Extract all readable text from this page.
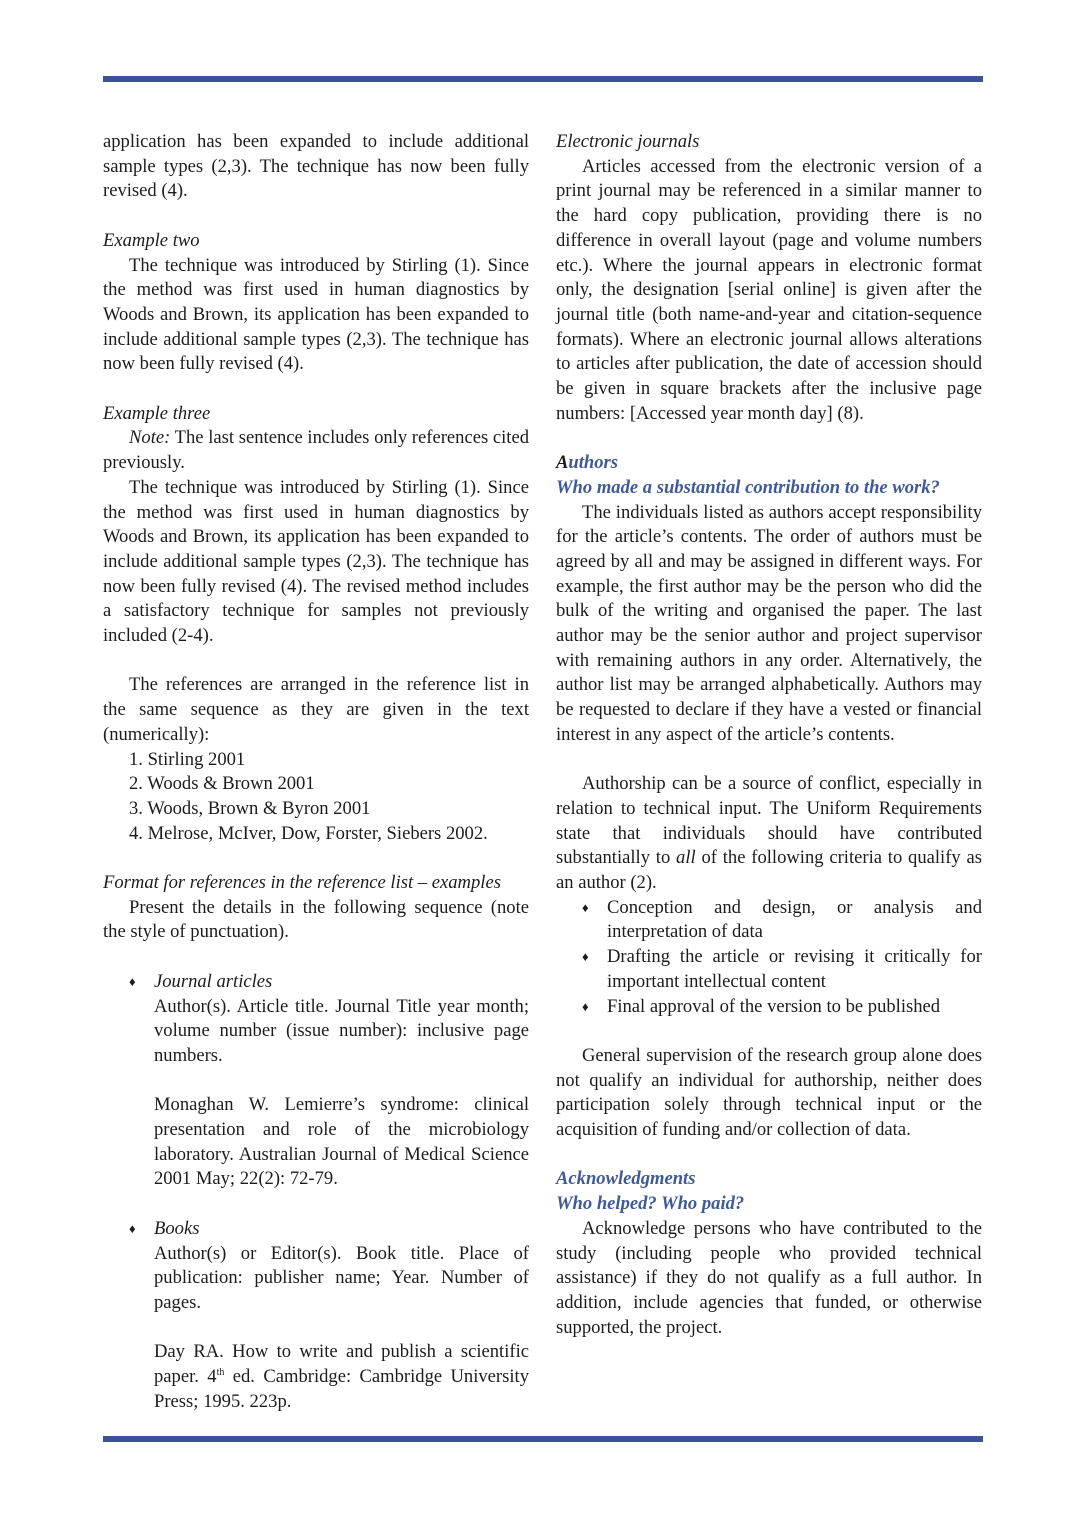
application has been expanded to include additional sample types (2,3). The technique has now been fully revised (4).

Example two

The technique was introduced by Stirling (1). Since the method was first used in human diagnostics by Woods and Brown, its application has been expanded to include additional sample types (2,3). The technique has now been fully revised (4).

Example three

Note: The last sentence includes only references cited previously.

The technique was introduced by Stirling (1). Since the method was first used in human diagnostics by Woods and Brown, its application has been expanded to include additional sample types (2,3). The technique has now been fully revised (4). The revised method includes a satisfactory technique for samples not previously included (2-4).

The references are arranged in the reference list in the same sequence as they are given in the text (numerically):

1. Stirling 2001
2. Woods & Brown 2001
3. Woods, Brown & Byron 2001
4. Melrose, McIver, Dow, Forster, Siebers 2002.

Format for references in the reference list – examples

Present the details in the following sequence (note the style of punctuation).

♦ Journal articles

Author(s). Article title. Journal Title year month; volume number (issue number): inclusive page numbers.

Monaghan W. Lemierre’s syndrome: clinical presentation and role of the microbiology laboratory. Australian Journal of Medical Science 2001 May; 22(2): 72-79.

♦ Books

Author(s) or Editor(s). Book title. Place of publication: publisher name; Year. Number of pages.

Day RA. How to write and publish a scientific paper. 4th ed. Cambridge: Cambridge University Press; 1995. 223p.

Electronic journals

Articles accessed from the electronic version of a print journal may be referenced in a similar manner to the hard copy publication, providing there is no difference in overall layout (page and volume numbers etc.). Where the journal appears in electronic format only, the designation [serial online] is given after the journal title (both name-and-year and citation-sequence formats). Where an electronic journal allows alterations to articles after publication, the date of accession should be given in square brackets after the inclusive page numbers: [Accessed year month day] (8).

Authors

Who made a substantial contribution to the work?

The individuals listed as authors accept responsibility for the article’s contents. The order of authors must be agreed by all and may be assigned in different ways. For example, the first author may be the person who did the bulk of the writing and organised the paper. The last author may be the senior author and project supervisor with remaining authors in any order. Alternatively, the author list may be arranged alphabetically. Authors may be requested to declare if they have a vested or financial interest in any aspect of the article’s contents.

Authorship can be a source of conflict, especially in relation to technical input. The Uniform Requirements state that individuals should have contributed substantially to all of the following criteria to qualify as an author (2).

♦ Conception and design, or analysis and interpretation of data
♦ Drafting the article or revising it critically for important intellectual content
♦ Final approval of the version to be published

General supervision of the research group alone does not qualify an individual for authorship, neither does participation solely through technical input or the acquisition of funding and/or collection of data.

Acknowledgments

Who helped? Who paid?

Acknowledge persons who have contributed to the study (including people who provided technical assistance) if they do not qualify as a full author. In addition, include agencies that funded, or otherwise supported, the project.
